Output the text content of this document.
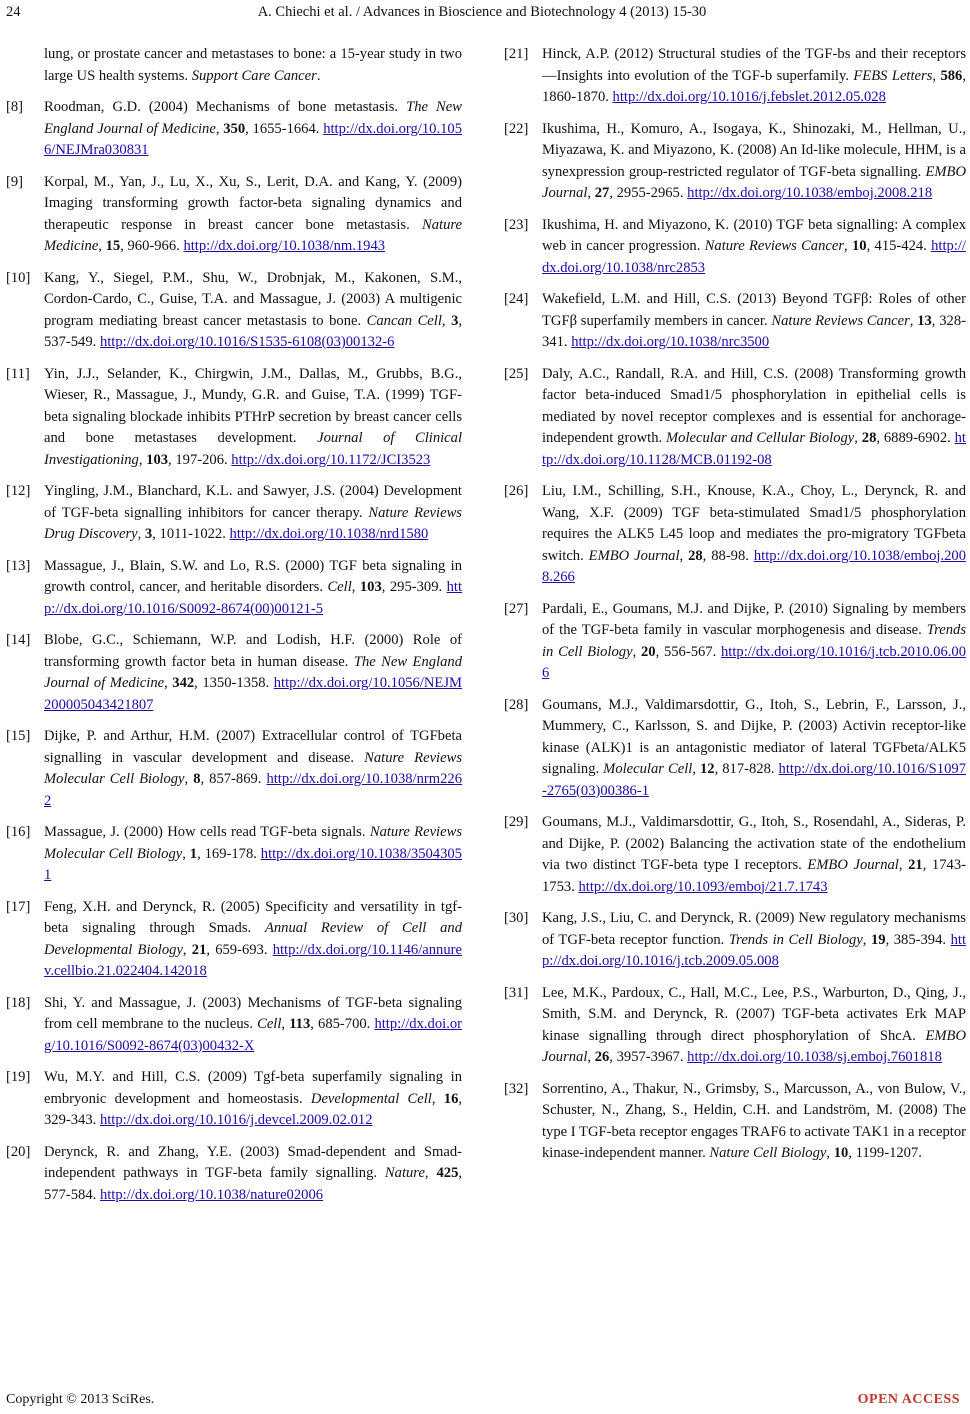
24	A. Chiechi et al. / Advances in Bioscience and Biotechnology 4 (2013) 15-30
lung, or prostate cancer and metastases to bone: a 15-year study in two large US health systems. Support Care Cancer.
[8] Roodman, G.D. (2004) Mechanisms of bone metastasis. The New England Journal of Medicine, 350, 1655-1664. http://dx.doi.org/10.1056/NEJMra030831
[9] Korpal, M., Yan, J., Lu, X., Xu, S., Lerit, D.A. and Kang, Y. (2009) Imaging transforming growth factor-beta signaling dynamics and therapeutic response in breast cancer bone metastasis. Nature Medicine, 15, 960-966. http://dx.doi.org/10.1038/nm.1943
[10] Kang, Y., Siegel, P.M., Shu, W., Drobnjak, M., Kakonen, S.M., Cordon-Cardo, C., Guise, T.A. and Massague, J. (2003) A multigenic program mediating breast cancer metastasis to bone. Cancan Cell, 3, 537-549. http://dx.doi.org/10.1016/S1535-6108(03)00132-6
[11] Yin, J.J., Selander, K., Chirgwin, J.M., Dallas, M., Grubbs, B.G., Wieser, R., Massague, J., Mundy, G.R. and Guise, T.A. (1999) TGF-beta signaling blockade inhibits PTHrP secretion by breast cancer cells and bone metastases development. Journal of Clinical Investigationing, 103, 197-206. http://dx.doi.org/10.1172/JCI3523
[12] Yingling, J.M., Blanchard, K.L. and Sawyer, J.S. (2004) Development of TGF-beta signalling inhibitors for cancer therapy. Nature Reviews Drug Discovery, 3, 1011-1022. http://dx.doi.org/10.1038/nrd1580
[13] Massague, J., Blain, S.W. and Lo, R.S. (2000) TGF beta signaling in growth control, cancer, and heritable disorders. Cell, 103, 295-309. http://dx.doi.org/10.1016/S0092-8674(00)00121-5
[14] Blobe, G.C., Schiemann, W.P. and Lodish, H.F. (2000) Role of transforming growth factor beta in human disease. The New England Journal of Medicine, 342, 1350-1358. http://dx.doi.org/10.1056/NEJM200005043421807
[15] Dijke, P. and Arthur, H.M. (2007) Extracellular control of TGFbeta signalling in vascular development and disease. Nature Reviews Molecular Cell Biology, 8, 857-869. http://dx.doi.org/10.1038/nrm2262
[16] Massague, J. (2000) How cells read TGF-beta signals. Nature Reviews Molecular Cell Biology, 1, 169-178. http://dx.doi.org/10.1038/35043051
[17] Feng, X.H. and Derynck, R. (2005) Specificity and versatility in tgf-beta signaling through Smads. Annual Review of Cell and Developmental Biology, 21, 659-693. http://dx.doi.org/10.1146/annurev.cellbio.21.022404.142018
[18] Shi, Y. and Massague, J. (2003) Mechanisms of TGF-beta signaling from cell membrane to the nucleus. Cell, 113, 685-700. http://dx.doi.org/10.1016/S0092-8674(03)00432-X
[19] Wu, M.Y. and Hill, C.S. (2009) Tgf-beta superfamily signaling in embryonic development and homeostasis. Developmental Cell, 16, 329-343. http://dx.doi.org/10.1016/j.devcel.2009.02.012
[20] Derynck, R. and Zhang, Y.E. (2003) Smad-dependent and Smad-independent pathways in TGF-beta family signalling. Nature, 425, 577-584. http://dx.doi.org/10.1038/nature02006
[21] Hinck, A.P. (2012) Structural studies of the TGF-bs and their receptors—Insights into evolution of the TGF-b superfamily. FEBS Letters, 586, 1860-1870. http://dx.doi.org/10.1016/j.febslet.2012.05.028
[22] Ikushima, H., Komuro, A., Isogaya, K., Shinozaki, M., Hellman, U., Miyazawa, K. and Miyazono, K. (2008) An Id-like molecule, HHM, is a synexpression group-restricted regulator of TGF-beta signalling. EMBO Journal, 27, 2955-2965. http://dx.doi.org/10.1038/emboj.2008.218
[23] Ikushima, H. and Miyazono, K. (2010) TGF beta signalling: A complex web in cancer progression. Nature Reviews Cancer, 10, 415-424. http://dx.doi.org/10.1038/nrc2853
[24] Wakefield, L.M. and Hill, C.S. (2013) Beyond TGFβ: Roles of other TGFβ superfamily members in cancer. Nature Reviews Cancer, 13, 328-341. http://dx.doi.org/10.1038/nrc3500
[25] Daly, A.C., Randall, R.A. and Hill, C.S. (2008) Transforming growth factor beta-induced Smad1/5 phosphorylation in epithelial cells is mediated by novel receptor complexes and is essential for anchorage-independent growth. Molecular and Cellular Biology, 28, 6889-6902. http://dx.doi.org/10.1128/MCB.01192-08
[26] Liu, I.M., Schilling, S.H., Knouse, K.A., Choy, L., Derynck, R. and Wang, X.F. (2009) TGF beta-stimulated Smad1/5 phosphorylation requires the ALK5 L45 loop and mediates the pro-migratory TGFbeta switch. EMBO Journal, 28, 88-98. http://dx.doi.org/10.1038/emboj.2008.266
[27] Pardali, E., Goumans, M.J. and Dijke, P. (2010) Signaling by members of the TGF-beta family in vascular morphogenesis and disease. Trends in Cell Biology, 20, 556-567. http://dx.doi.org/10.1016/j.tcb.2010.06.006
[28] Goumans, M.J., Valdimarsdottir, G., Itoh, S., Lebrin, F., Larsson, J., Mummery, C., Karlsson, S. and Dijke, P. (2003) Activin receptor-like kinase (ALK)1 is an antagonistic mediator of lateral TGFbeta/ALK5 signaling. Molecular Cell, 12, 817-828. http://dx.doi.org/10.1016/S1097-2765(03)00386-1
[29] Goumans, M.J., Valdimarsdottir, G., Itoh, S., Rosendahl, A., Sideras, P. and Dijke, P. (2002) Balancing the activation state of the endothelium via two distinct TGF-beta type I receptors. EMBO Journal, 21, 1743-1753. http://dx.doi.org/10.1093/emboj/21.7.1743
[30] Kang, J.S., Liu, C. and Derynck, R. (2009) New regulatory mechanisms of TGF-beta receptor function. Trends in Cell Biology, 19, 385-394. http://dx.doi.org/10.1016/j.tcb.2009.05.008
[31] Lee, M.K., Pardoux, C., Hall, M.C., Lee, P.S., Warburton, D., Qing, J., Smith, S.M. and Derynck, R. (2007) TGF-beta activates Erk MAP kinase signalling through direct phosphorylation of ShcA. EMBO Journal, 26, 3957-3967. http://dx.doi.org/10.1038/sj.emboj.7601818
[32] Sorrentino, A., Thakur, N., Grimsby, S., Marcusson, A., von Bulow, V., Schuster, N., Zhang, S., Heldin, C.H. and Landström, M. (2008) The type I TGF-beta receptor engages TRAF6 to activate TAK1 in a receptor kinase-independent manner. Nature Cell Biology, 10, 1199-1207.
Copyright © 2013 SciRes.	OPEN ACCESS
